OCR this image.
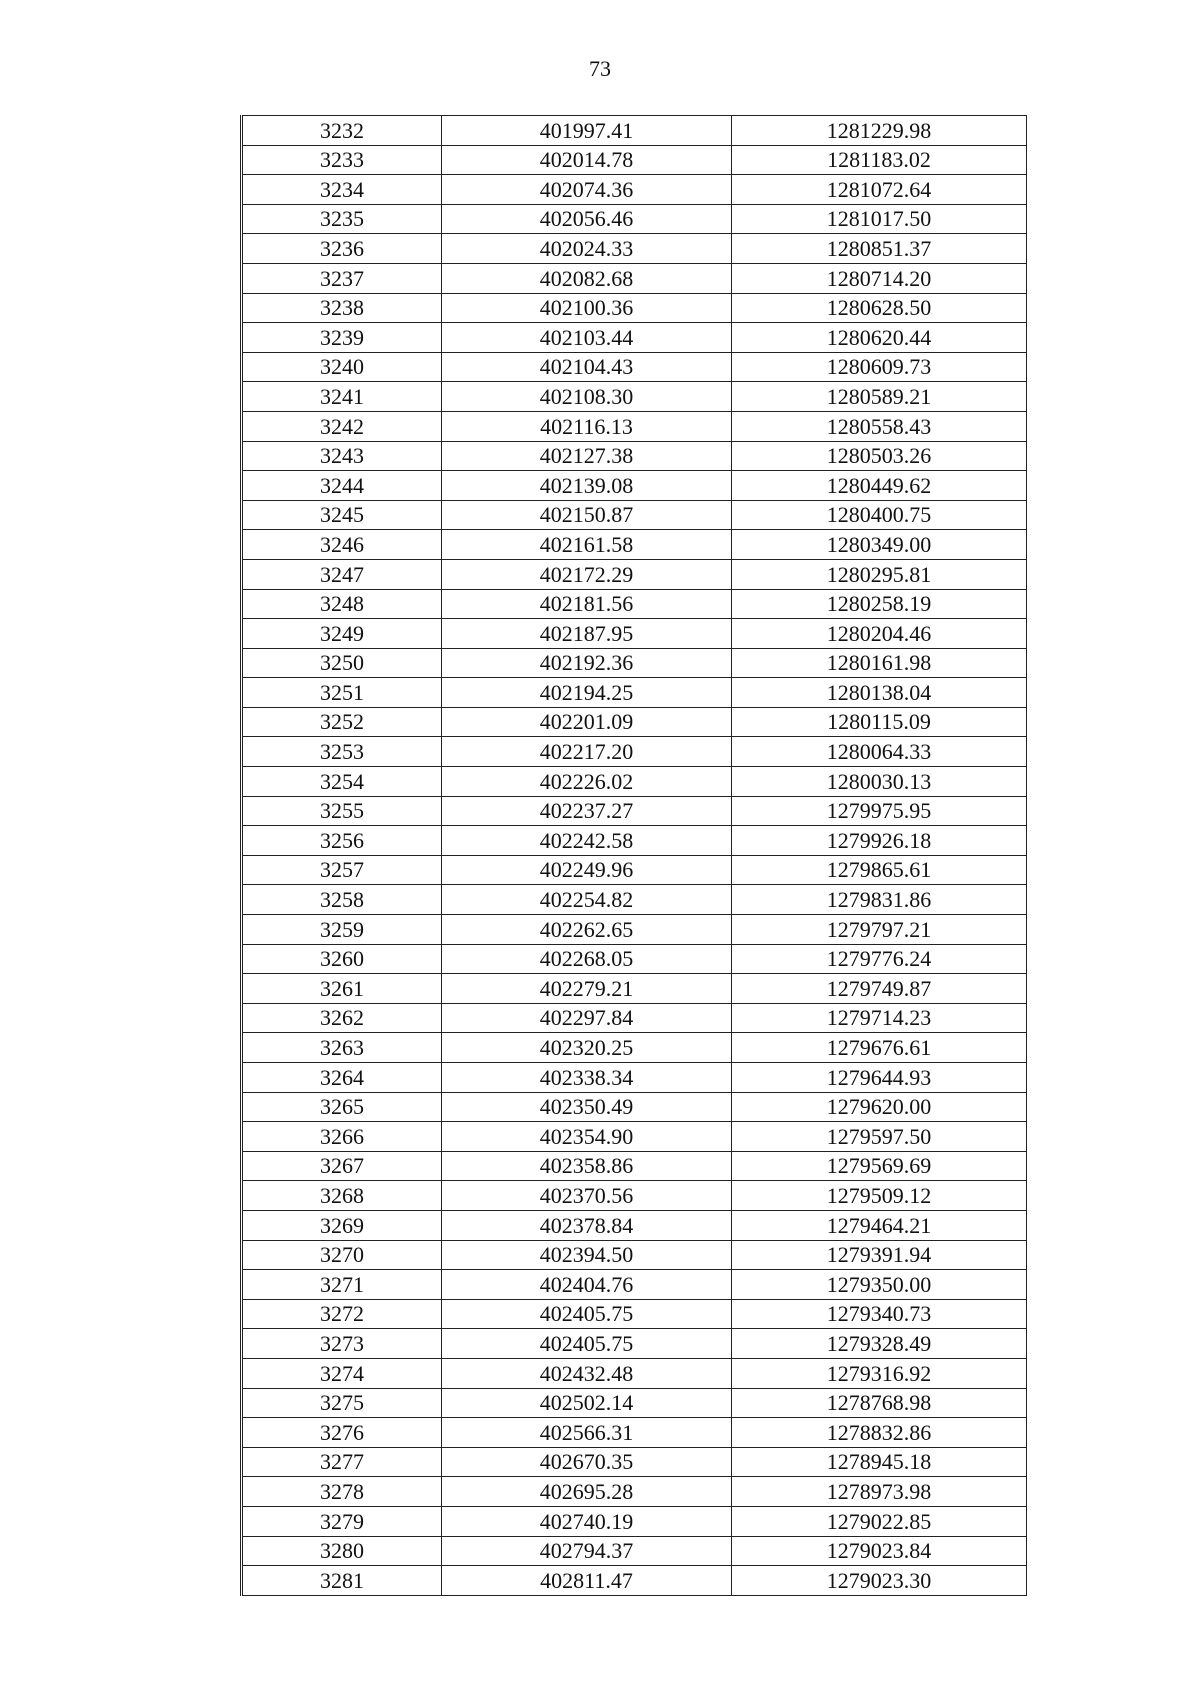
73
3232	401997.41	1281229.98
3233	402014.78	1281183.02
3234	402074.36	1281072.64
3235	402056.46	1281017.50
3236	402024.33	1280851.37
3237	402082.68	1280714.20
3238	402100.36	1280628.50
3239	402103.44	1280620.44
3240	402104.43	1280609.73
3241	402108.30	1280589.21
3242	402116.13	1280558.43
3243	402127.38	1280503.26
3244	402139.08	1280449.62
3245	402150.87	1280400.75
3246	402161.58	1280349.00
3247	402172.29	1280295.81
3248	402181.56	1280258.19
3249	402187.95	1280204.46
3250	402192.36	1280161.98
3251	402194.25	1280138.04
3252	402201.09	1280115.09
3253	402217.20	1280064.33
3254	402226.02	1280030.13
3255	402237.27	1279975.95
3256	402242.58	1279926.18
3257	402249.96	1279865.61
3258	402254.82	1279831.86
3259	402262.65	1279797.21
3260	402268.05	1279776.24
3261	402279.21	1279749.87
3262	402297.84	1279714.23
3263	402320.25	1279676.61
3264	402338.34	1279644.93
3265	402350.49	1279620.00
3266	402354.90	1279597.50
3267	402358.86	1279569.69
3268	402370.56	1279509.12
3269	402378.84	1279464.21
3270	402394.50	1279391.94
3271	402404.76	1279350.00
3272	402405.75	1279340.73
3273	402405.75	1279328.49
3274	402432.48	1279316.92
3275	402502.14	1278768.98
3276	402566.31	1278832.86
3277	402670.35	1278945.18
3278	402695.28	1278973.98
3279	402740.19	1279022.85
3280	402794.37	1279023.84
3281	402811.47	1279023.30
